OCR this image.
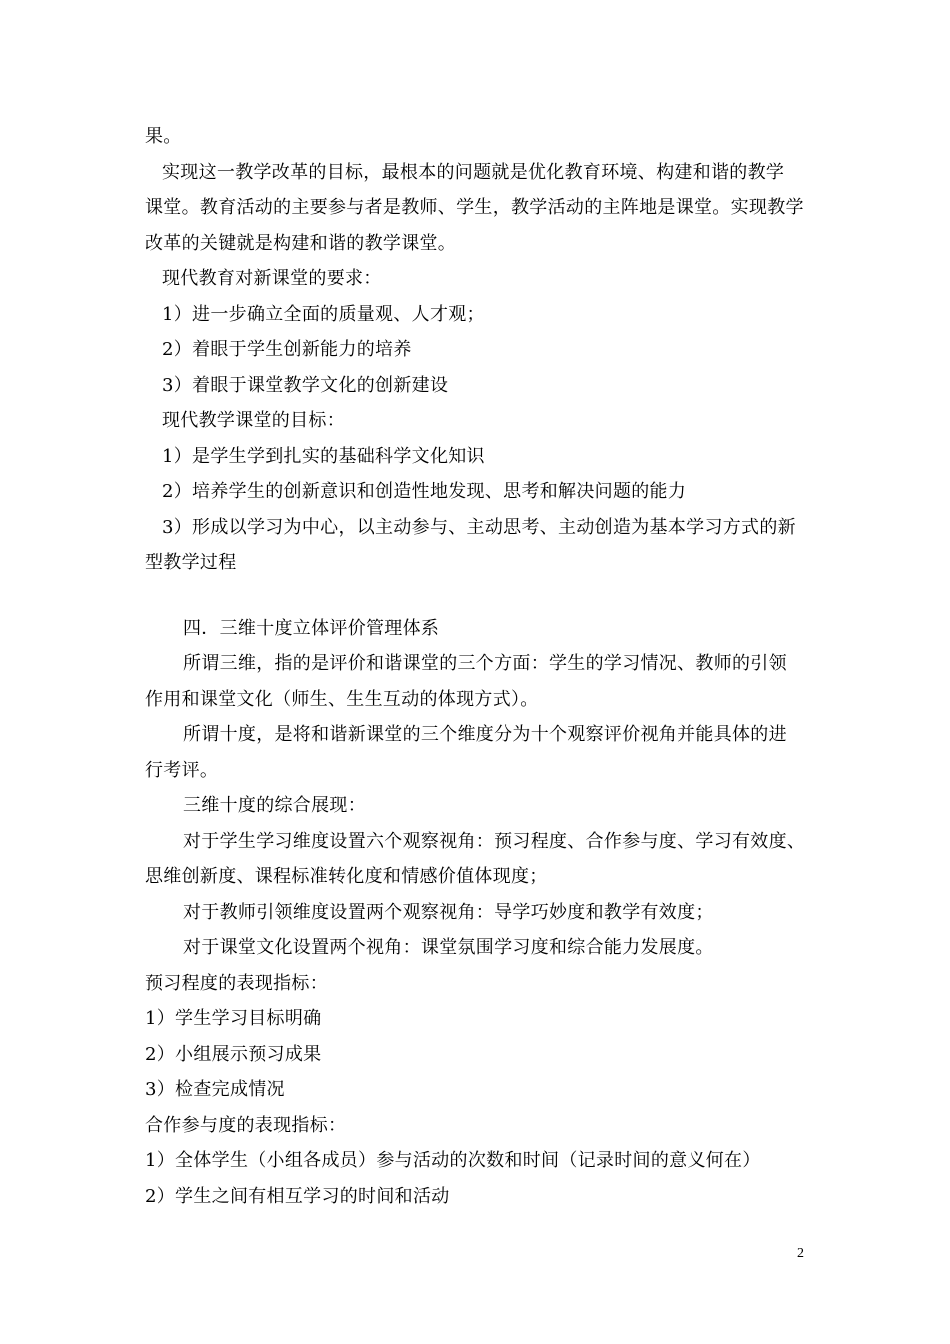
果。
实现这一教学改革的目标，最根本的问题就是优化教育环境、构建和谐的教学
课堂。教育活动的主要参与者是教师、学生，教学活动的主阵地是课堂。实现教学
改革的关键就是构建和谐的教学课堂。
现代教育对新课堂的要求：
1）进一步确立全面的质量观、人才观；
2）着眼于学生创新能力的培养
3）着眼于课堂教学文化的创新建设
现代教学课堂的目标：
1）是学生学到扎实的基础科学文化知识
2）培养学生的创新意识和创造性地发现、思考和解决问题的能力
3）形成以学习为中心，以主动参与、主动思考、主动创造为基本学习方式的新
型教学过程
四．三维十度立体评价管理体系
所谓三维，指的是评价和谐课堂的三个方面：学生的学习情况、教师的引领
作用和课堂文化（师生、生生互动的体现方式）。
所谓十度，是将和谐新课堂的三个维度分为十个观察评价视角并能具体的进
行考评。
三维十度的综合展现：
对于学生学习维度设置六个观察视角：预习程度、合作参与度、学习有效度、
思维创新度、课程标准转化度和情感价值体现度；
对于教师引领维度设置两个观察视角：导学巧妙度和教学有效度；
对于课堂文化设置两个视角：课堂氛围学习度和综合能力发展度。
预习程度的表现指标：
1）学生学习目标明确
2）小组展示预习成果
3）检查完成情况
合作参与度的表现指标：
1）全体学生（小组各成员）参与活动的次数和时间（记录时间的意义何在）
2）学生之间有相互学习的时间和活动
2
